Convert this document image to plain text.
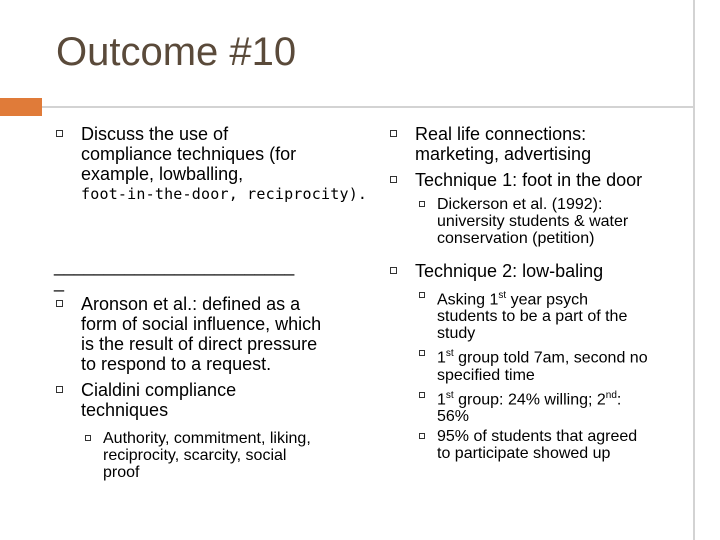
Outcome #10
Discuss the use of
compliance techniques (for
example, lowballing,
foot-in-the-door, reciprocity).
________________________
_
Aronson et al.: defined as a
form of social influence, which
is the result of direct pressure
to respond to a request.
Cialdini compliance
techniques
Authority, commitment, liking,
reciprocity, scarcity, social
proof
Real life connections:
marketing, advertising
Technique 1: foot in the door
Dickerson et al. (1992):
university students & water
conservation (petition)
Technique 2: low-baling
Asking 1st year psych
students to be a part of the
study
1st group told 7am, second no
specified time
1st group: 24% willing; 2nd:
56%
95% of students that agreed
to participate showed up
